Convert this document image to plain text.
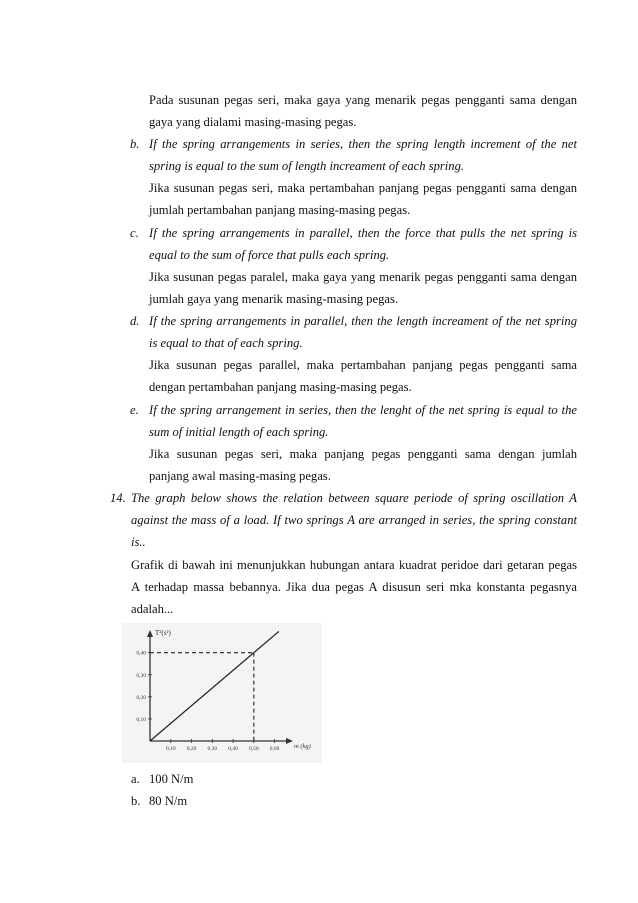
Pada susunan pegas seri, maka gaya yang menarik pegas pengganti sama dengan
gaya yang dialami masing-masing pegas.
b. If the spring arrangements in series, then the spring length increment of the net
spring is equal to the sum of length increament of each spring.
Jika susunan pegas seri, maka pertambahan panjang pegas pengganti sama dengan
jumlah pertambahan panjang masing-masing pegas.
c. If the spring arrangements in parallel, then the force that pulls the net spring is
equal to the sum of force that pulls each spring.
Jika susunan pegas paralel, maka gaya yang menarik pegas pengganti sama dengan
jumlah gaya yang menarik masing-masing pegas.
d. If the spring arrangements in parallel, then the length increament of the net spring
is equal to that of each spring.
Jika susunan pegas parallel, maka pertambahan panjang pegas pengganti sama
dengan pertambahan panjang masing-masing pegas.
e. If the spring arrangement in series, then the lenght of the net spring is equal to the
sum of initial length of each spring.
Jika susunan pegas seri, maka panjang pegas pengganti sama dengan jumlah
panjang awal masing-masing pegas.
14. The graph below shows the relation between square periode of spring oscillation A
against the mass of a load. If two springs A are arranged in series, the spring constant
is..
Grafik di bawah ini menunjukkan hubungan antara kuadrat peridoe dari getaran pegas
A terhadap massa bebannya. Jika dua pegas A disusun seri mka konstanta pegasnya
adalah...
T²(s²)
m (kg)
0,10 0,20 0,30 0,40 0,50 0,60
0,10
0,20
0,30
0,40
a. 100 N/m
b. 80 N/m
